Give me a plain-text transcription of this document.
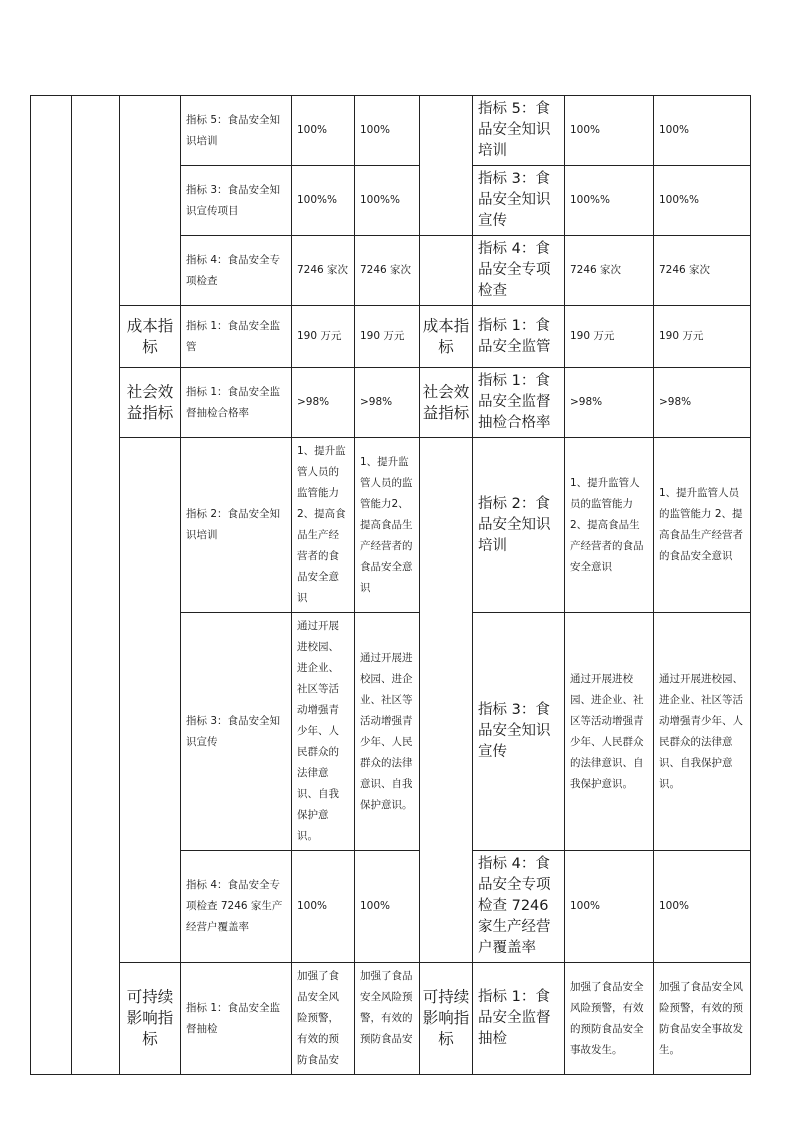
			指标 5：食品安全知识培训	100%	100%		指标 5：食品安全知识培训	100%	100%
			指标 3：食品安全知识宣传项目	100%%	100%%		指标 3：食品安全知识宣传	100%%	100%%
			指标 4：食品安全专项检查	7246 家次	7246 家次		指标 4：食品安全专项检查	7246 家次	7246 家次
		成本指标	指标 1：食品安全监管	190 万元	190 万元	成本指标	指标 1：食品安全监管	190 万元	190 万元
		社会效益指标	指标 1：食品安全监督抽检合格率	>98%	>98%	社会效益指标	指标 1：食品安全监督抽检合格率	>98%	>98%
			指标 2：食品安全知识培训	1、提升监管人员的监管能力2、提高食品生产经营者的食品安全意识	1、提升监管人员的监管能力2、提高食品生产经营者的食品安全意识		指标 2：食品安全知识培训	1、提升监管人员的监管能力2、提高食品生产经营者的食品安全意识	1、提升监管人员的监管能力 2、提高食品生产经营者的食品安全意识
			指标 3：食品安全知识宣传	通过开展进校园、进企业、社区等活动增强青少年、人民群众的法律意识、自我保护意识。	通过开展进校园、进企业、社区等活动增强青少年、人民群众的法律意识、自我保护意识。		指标 3：食品安全知识宣传	通过开展进校园、进企业、社区等活动增强青少年、人民群众的法律意识、自我保护意识。	通过开展进校园、进企业、社区等活动增强青少年、人民群众的法律意识、自我保护意识。
			指标 4：食品安全专项检查 7246 家生产经营户覆盖率	100%	100%		指标 4：食品安全专项检查 7246 家生产经营户覆盖率	100%	100%
		可持续影响指标	指标 1：食品安全监督抽检	加强了食品安全风险预警，有效的预防食品安	加强了食品安全风险预警，有效的预防食品安	可持续影响指标	指标 1：食品安全监督抽检	加强了食品安全风险预警，有效的预防食品安全事故发生。	加强了食品安全风险预警，有效的预防食品安全事故发生。
